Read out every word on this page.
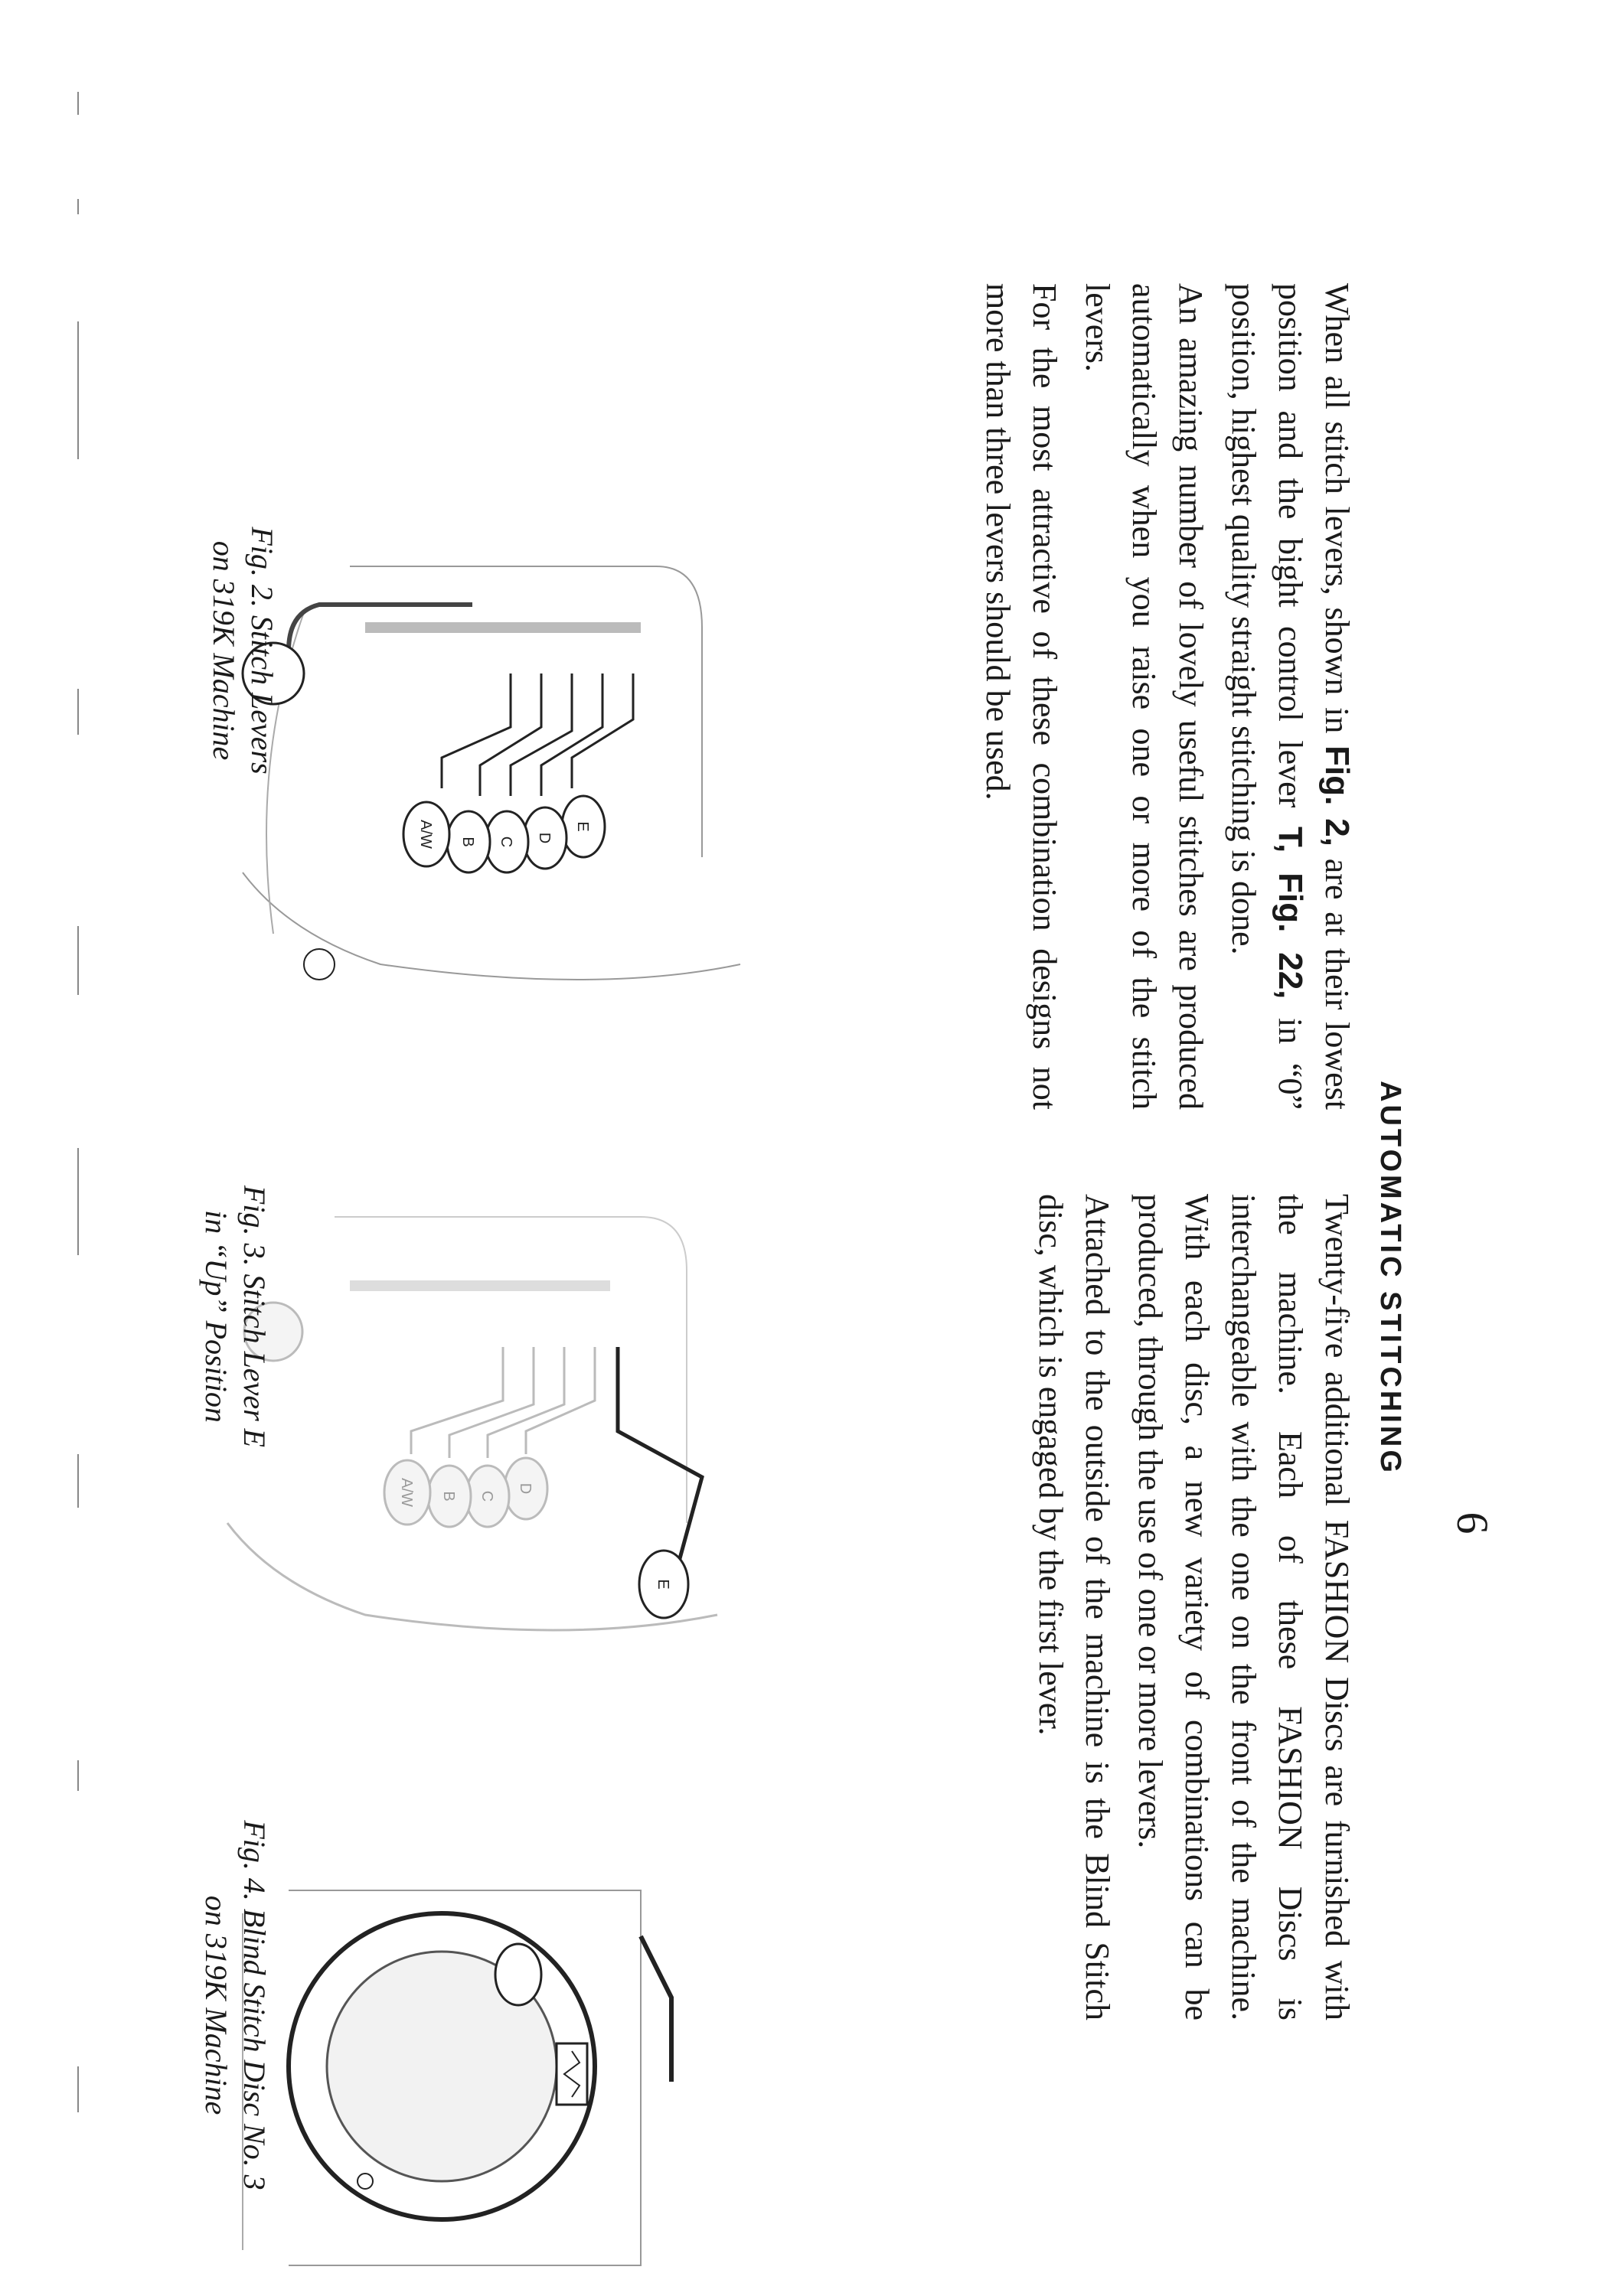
6
AUTOMATIC STITCHING

When all stitch levers, shown in Fig. 2, are at their lowest position and the bight control lever T, Fig. 22, in “0” position, highest quality straight stitching is done.

An amazing number of lovely useful stitches are produced automatically when you raise one or more of the stitch levers.

For the most attractive of these combination designs not more than three levers should be used.

Twenty-five additional FASHION Discs are furnished with the machine. Each of these FASHION Discs is interchangeable with the one on the front of the machine. With each disc, a new variety of combinations can be produced, through the use of one or more levers.

Attached to the outside of the machine is the Blind Stitch disc, which is engaged by the first lever.

E
D
C
B
A/W
Fig. 2. Stitch Levers
on 319K Machine
D
C
B
A/W
E
Fig. 3. Stitch Lever E
in “Up” Position
Fig. 4. Blind Stitch Disc No. 3
on 319K Machine
